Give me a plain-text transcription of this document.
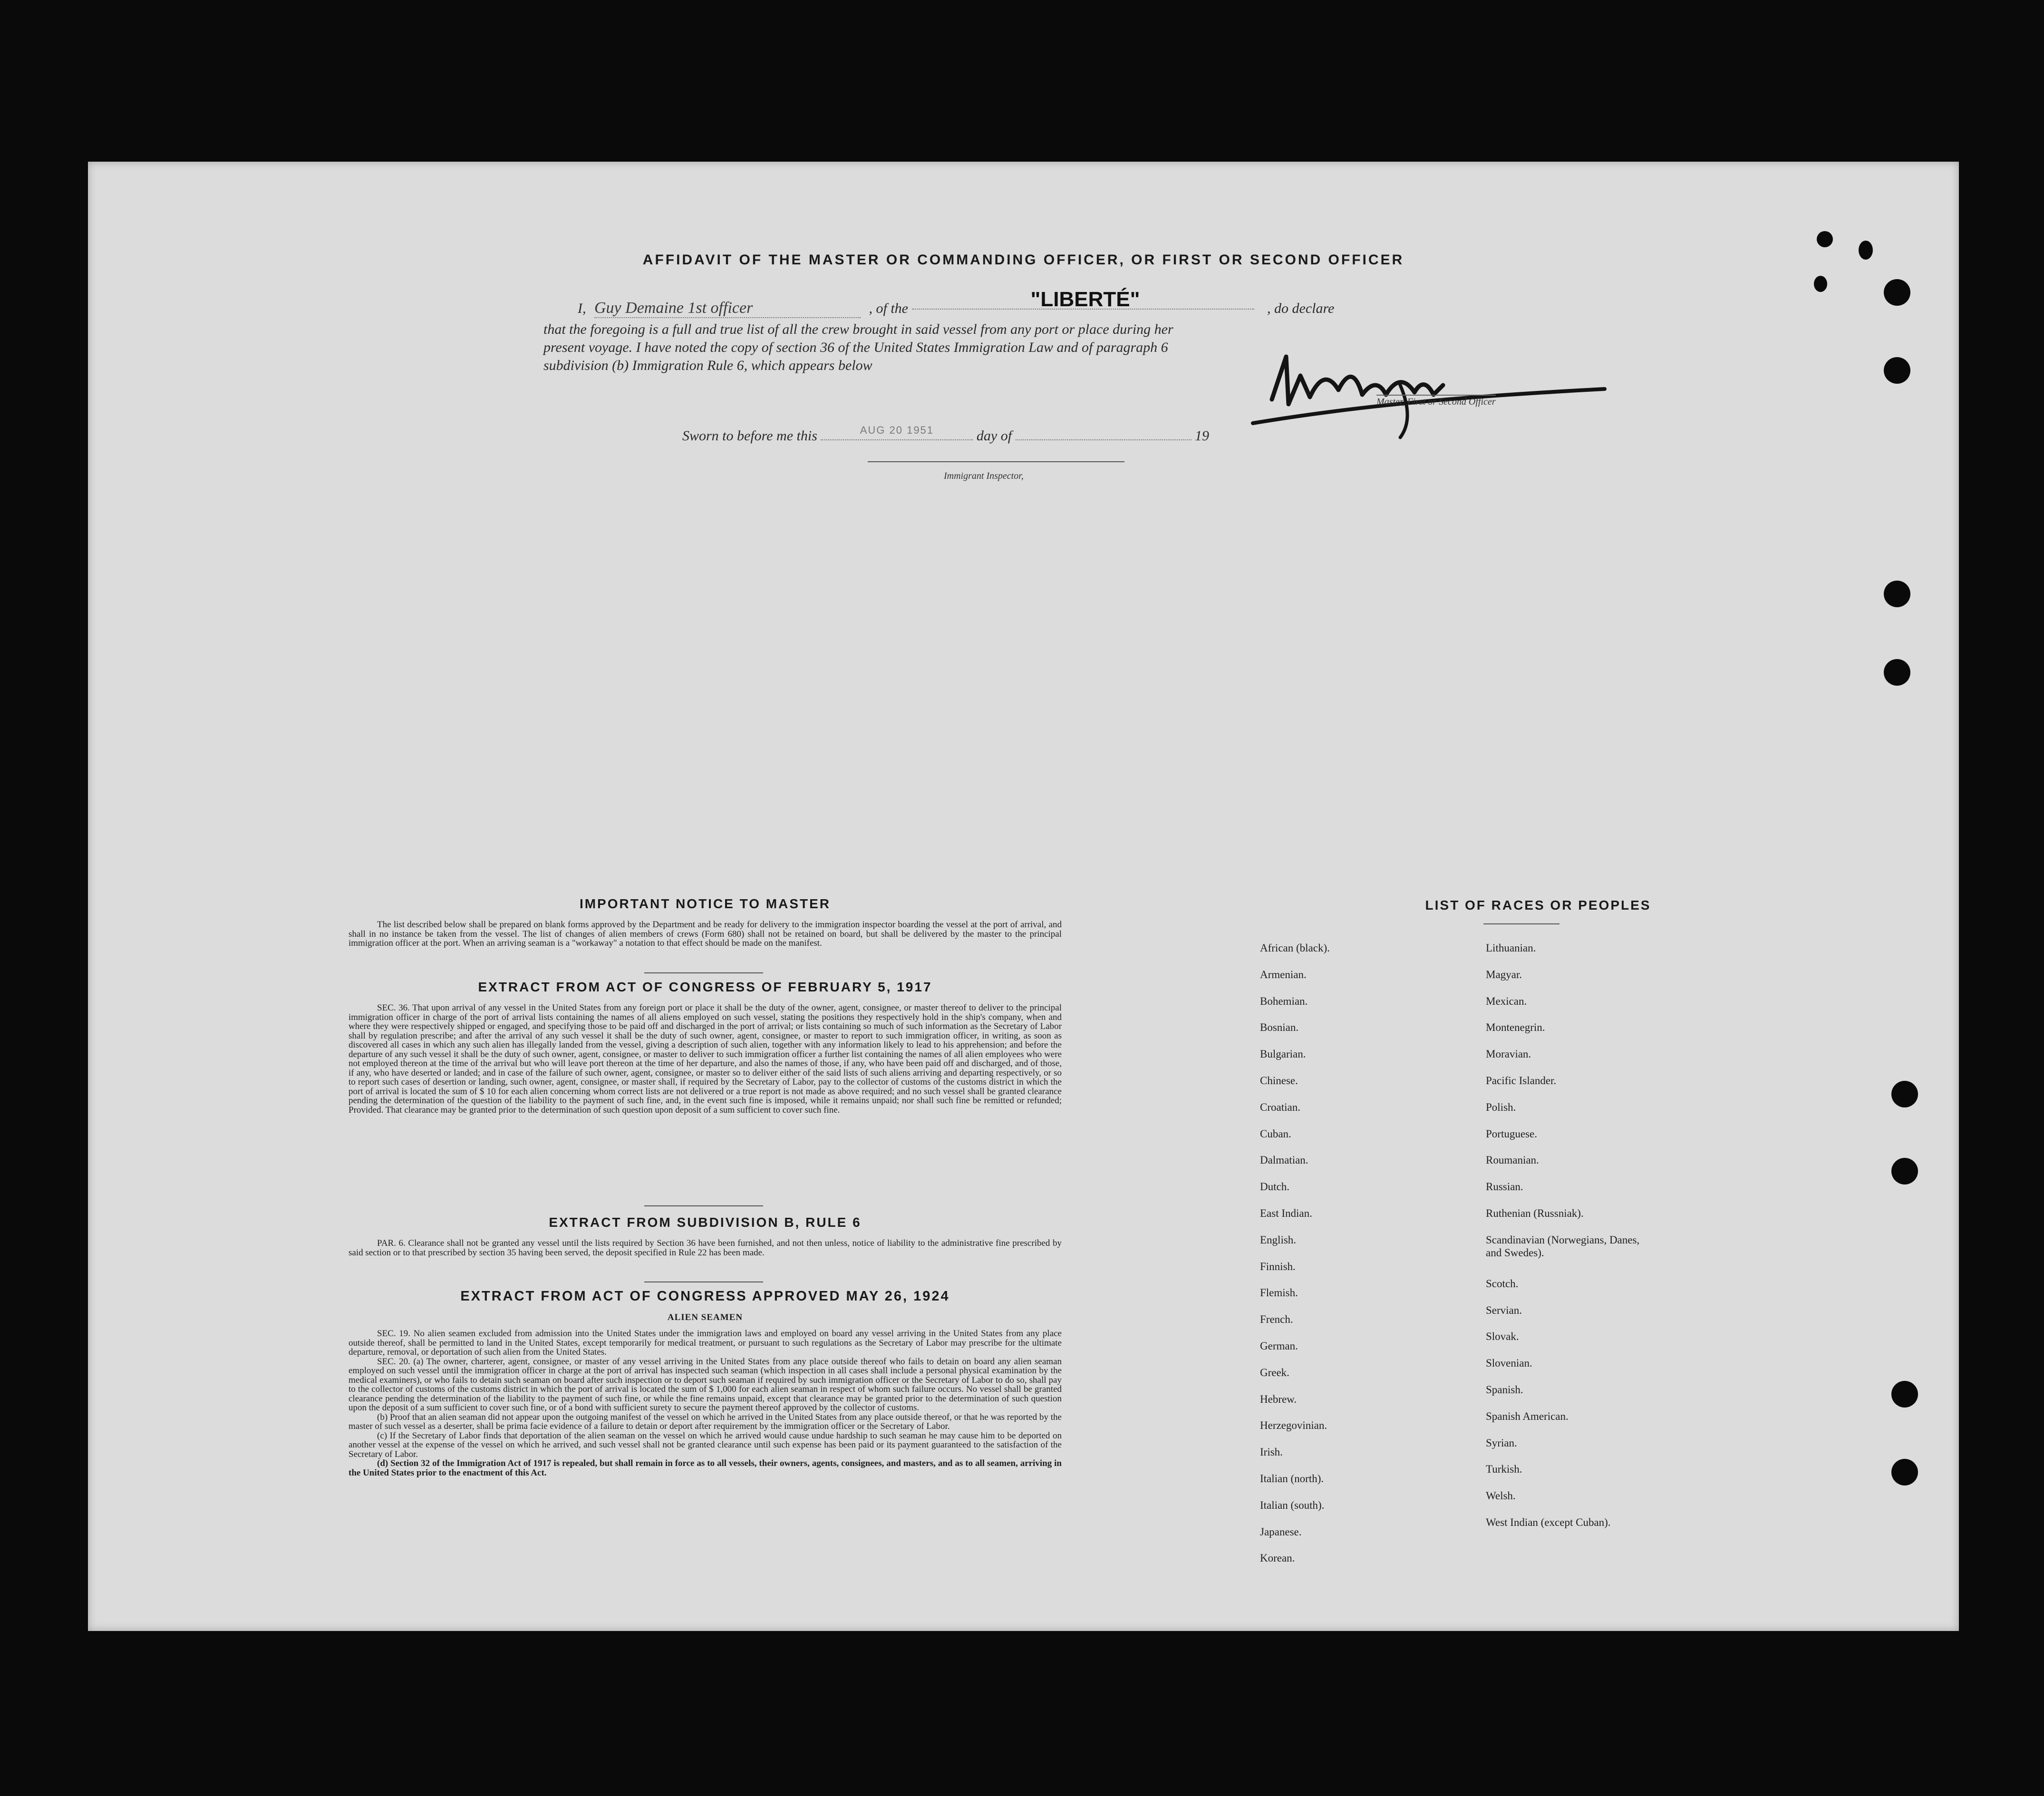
AFFIDAVIT OF THE MASTER OR COMMANDING OFFICER, OR FIRST OR SECOND OFFICER
I, Guy Demaine 1st officer	, of the	"LIBERTÉ"	, do declare
that the foregoing is a full and true list of all the crew brought in said vessel from any port or place during her
present voyage. I have noted the copy of section 36 of the United States Immigration Law and of paragraph 6
subdivision (b) Immigration Rule 6, which appears below
Master, First or Second Officer
Sworn to before me this	AUG 20 1951	day of	19
Immigrant Inspector,
IMPORTANT NOTICE TO MASTER
The list described below shall be prepared on blank forms approved by the Department and be ready for delivery to the immigration inspector boarding the vessel at the port of arrival, and shall in no instance be taken from the vessel. The list of changes of alien members of crews (Form 680) shall not be retained on board, but shall be delivered by the master to the principal immigration officer at the port. When an arriving seaman is a "workaway" a notation to that effect should be made on the manifest.
EXTRACT FROM ACT OF CONGRESS OF FEBRUARY 5, 1917
SEC. 36. That upon arrival of any vessel in the United States from any foreign port or place it shall be the duty of the owner, agent, consignee, or master thereof to deliver to the principal immigration officer in charge of the port of arrival lists containing the names of all aliens employed on such vessel, stating the positions they respectively hold in the ship's company, when and where they were respectively shipped or engaged, and specifying those to be paid off and discharged in the port of arrival; or lists containing so much of such information as the Secretary of Labor shall by regulation prescribe; and after the arrival of any such vessel it shall be the duty of such owner, agent, consignee, or master to report to such immigration officer, in writing, as soon as discovered all cases in which any such alien has illegally landed from the vessel, giving a description of such alien, together with any information likely to lead to his apprehension; and before the departure of any such vessel it shall be the duty of such owner, agent, consignee, or master to deliver to such immigration officer a further list containing the names of all alien employees who were not employed thereon at the time of the arrival but who will leave port thereon at the time of her departure, and also the names of those, if any, who have been paid off and discharged, and of those, if any, who have deserted or landed; and in case of the failure of such owner, agent, consignee, or master so to deliver either of the said lists of such aliens arriving and departing respectively, or so to report such cases of desertion or landing, such owner, agent, consignee, or master shall, if required by the Secretary of Labor, pay to the collector of customs of the customs district in which the port of arrival is located the sum of $ 10 for each alien concerning whom correct lists are not delivered or a true report is not made as above required; and no such vessel shall be granted clearance pending the determination of the question of the liability to the payment of such fine, and, in the event such fine is imposed, while it remains unpaid; nor shall such fine be remitted or refunded; Provided. That clearance may be granted prior to the determination of such question upon deposit of a sum sufficient to cover such fine.
EXTRACT FROM SUBDIVISION B, RULE 6
PAR. 6. Clearance shall not be granted any vessel until the lists required by Section 36 have been furnished, and not then unless, notice of liability to the administrative fine prescribed by said section or to that prescribed by section 35 having been served, the deposit specified in Rule 22 has been made.
EXTRACT FROM ACT OF CONGRESS APPROVED MAY 26, 1924
ALIEN SEAMEN

SEC. 19. No alien seamen excluded from admission into the United States under the immigration laws and employed on board any vessel arriving in the United States from any place outside thereof, shall be permitted to land in the United States, except temporarily for medical treatment, or pursuant to such regulations as the Secretary of Labor may prescribe for the ultimate departure, removal, or deportation of such alien from the United States.

SEC. 20. (a) The owner, charterer, agent, consignee, or master of any vessel arriving in the United States from any place outside thereof who fails to detain on board any alien seaman employed on such vessel until the immigration officer in charge at the port of arrival has inspected such seaman (which inspection in all cases shall include a personal physical examination by the medical examiners), or who fails to detain such seaman on board after such inspection or to deport such seaman if required by such immigration officer or the Secretary of Labor to do so, shall pay to the collector of customs of the customs district in which the port of arrival is located the sum of $ 1,000 for each alien seaman in respect of whom such failure occurs. No vessel shall be granted clearance pending the determination of the liability to the payment of such fine, or while the fine remains unpaid, except that clearance may be granted prior to the determination of such question upon the deposit of a sum sufficient to cover such fine, or of a bond with sufficient surety to secure the payment thereof approved by the collector of customs.

(b) Proof that an alien seaman did not appear upon the outgoing manifest of the vessel on which he arrived in the United States from any place outside thereof, or that he was reported by the master of such vessel as a deserter, shall be prima facie evidence of a failure to detain or deport after requirement by the immigration officer or the Secretary of Labor.

(c) If the Secretary of Labor finds that deportation of the alien seaman on the vessel on which he arrived would cause undue hardship to such seaman he may cause him to be deported on another vessel at the expense of the vessel on which he arrived, and such vessel shall not be granted clearance until such expense has been paid or its payment guaranteed to the satisfaction of the Secretary of Labor.

(d) Section 32 of the Immigration Act of 1917 is repealed, but shall remain in force as to all vessels, their owners, agents, consignees, and masters, and as to all seamen, arriving in the United States prior to the enactment of this Act.

LIST OF RACES OR PEOPLES
African (black).
Armenian.
Bohemian.
Bosnian.
Bulgarian.
Chinese.
Croatian.
Cuban.
Dalmatian.
Dutch.
East Indian.
English.
Finnish.
Flemish.
French.
German.
Greek.
Hebrew.
Herzegovinian.
Irish.
Italian (north).
Italian (south).
Japanese.
Korean.
Lithuanian.
Magyar.
Mexican.
Montenegrin.
Moravian.
Pacific Islander.
Polish.
Portuguese.
Roumanian.
Russian.
Ruthenian (Russniak).
Scandinavian (Norwegians, Danes, and Swedes).
Scotch.
Servian.
Slovak.
Slovenian.
Spanish.
Spanish American.
Syrian.
Turkish.
Welsh.
West Indian (except Cuban).
